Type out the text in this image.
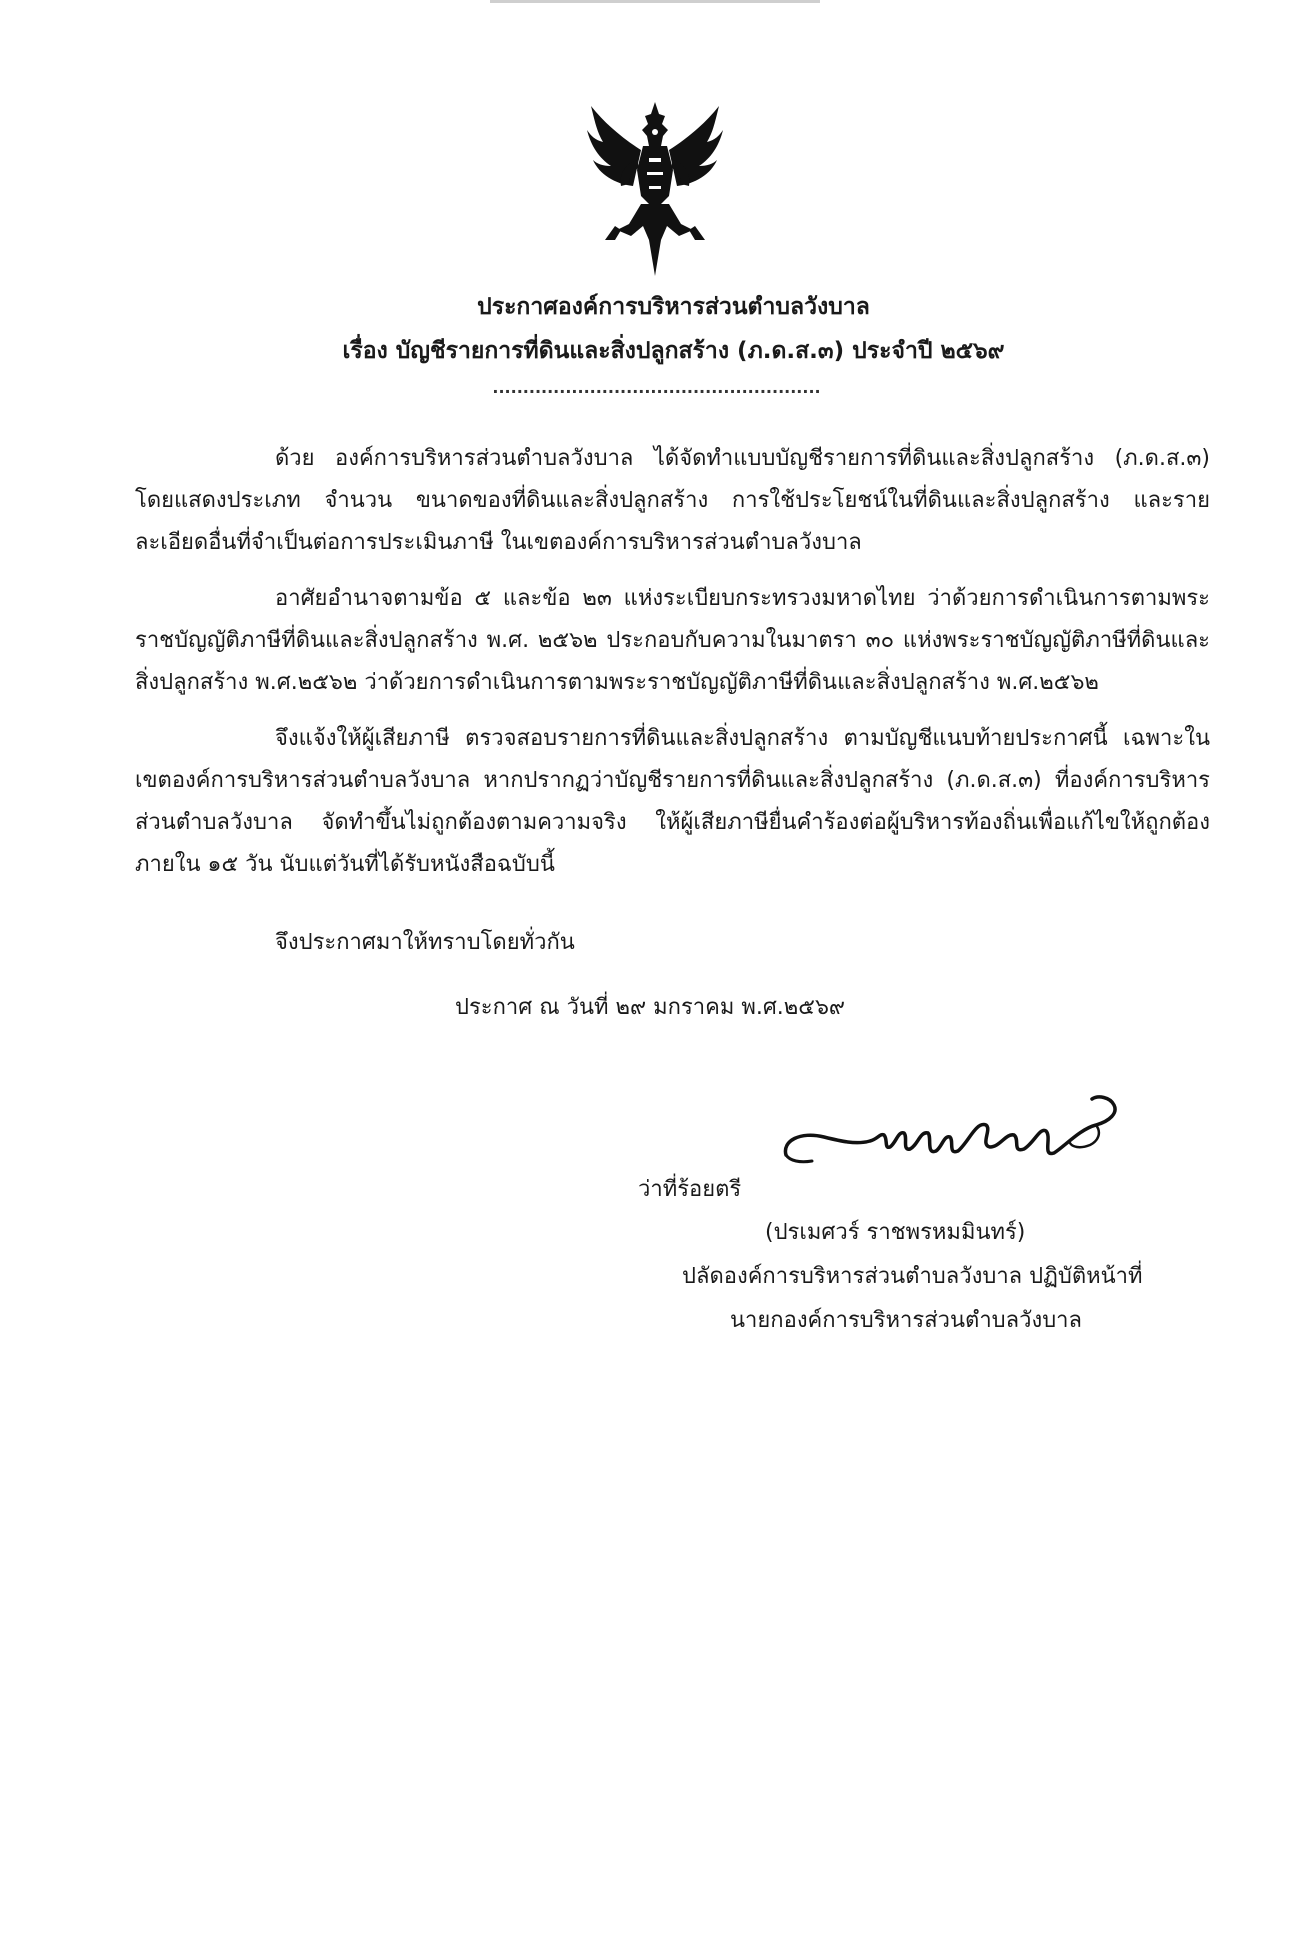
ประกาศองค์การบริหารส่วนตำบลวังบาล
เรื่อง บัญชีรายการที่ดินและสิ่งปลูกสร้าง (ภ.ด.ส.๓) ประจำปี ๒๕๖๙
......................................................

ด้วย องค์การบริหารส่วนตำบลวังบาล ได้จัดทำแบบบัญชีรายการที่ดินและสิ่งปลูกสร้าง (ภ.ด.ส.๓) โดยแสดงประเภท จำนวน ขนาดของที่ดินและสิ่งปลูกสร้าง การใช้ประโยชน์ในที่ดินและสิ่งปลูกสร้าง และรายละเอียดอื่นที่จำเป็นต่อการประเมินภาษี ในเขตองค์การบริหารส่วนตำบลวังบาล

อาศัยอำนาจตามข้อ ๕ และข้อ ๒๓ แห่งระเบียบกระทรวงมหาดไทย ว่าด้วยการดำเนินการตามพระราชบัญญัติภาษีที่ดินและสิ่งปลูกสร้าง พ.ศ. ๒๕๖๒ ประกอบกับความในมาตรา ๓๐ แห่งพระราชบัญญัติภาษีที่ดินและสิ่งปลูกสร้าง พ.ศ.๒๕๖๒ ว่าด้วยการดำเนินการตามพระราชบัญญัติภาษีที่ดินและสิ่งปลูกสร้าง พ.ศ.๒๕๖๒

จึงแจ้งให้ผู้เสียภาษี ตรวจสอบรายการที่ดินและสิ่งปลูกสร้าง ตามบัญชีแนบท้ายประกาศนี้ เฉพาะในเขตองค์การบริหารส่วนตำบลวังบาล หากปรากฏว่าบัญชีรายการที่ดินและสิ่งปลูกสร้าง (ภ.ด.ส.๓) ที่องค์การบริหารส่วนตำบลวังบาล จัดทำขึ้นไม่ถูกต้องตามความจริง ให้ผู้เสียภาษียื่นคำร้องต่อผู้บริหารท้องถิ่นเพื่อแก้ไขให้ถูกต้องภายใน ๑๕ วัน นับแต่วันที่ได้รับหนังสือฉบับนี้

จึงประกาศมาให้ทราบโดยทั่วกัน

ประกาศ ณ วันที่ ๒๙ มกราคม พ.ศ.๒๕๖๙
ว่าที่ร้อยตรี
(ปรเมศวร์ ราชพรหมมินทร์)
ปลัดองค์การบริหารส่วนตำบลวังบาล ปฏิบัติหน้าที่
นายกองค์การบริหารส่วนตำบลวังบาล
